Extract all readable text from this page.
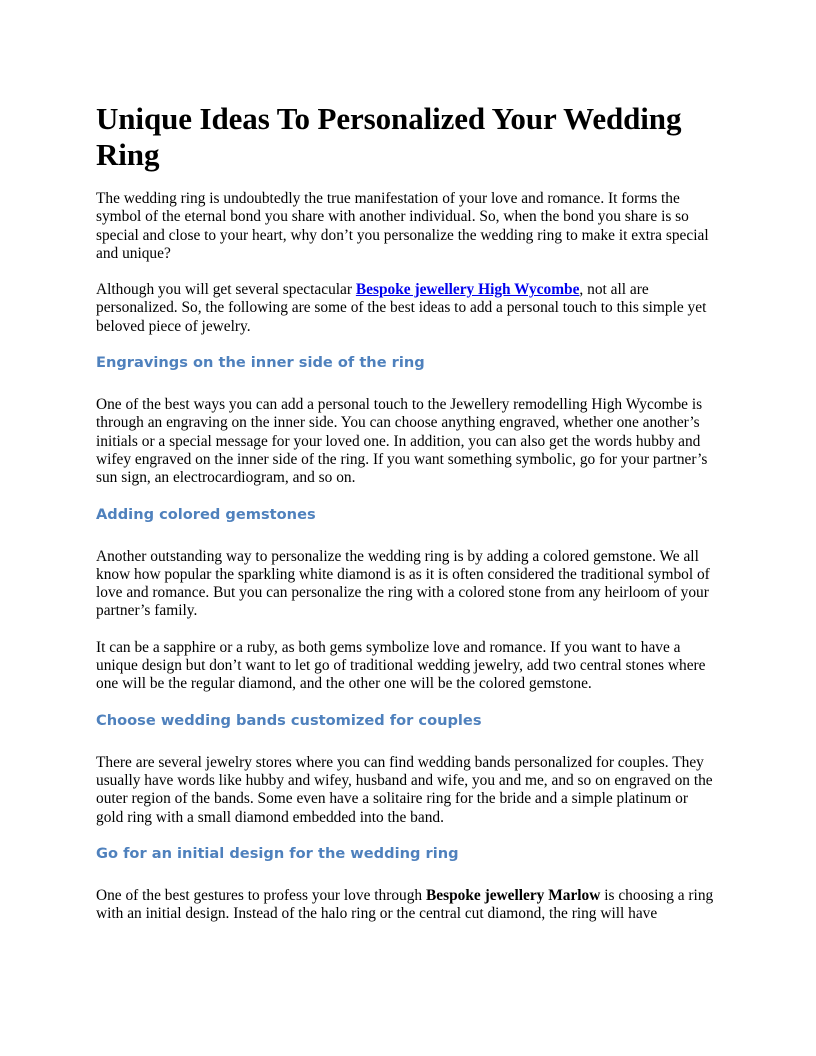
Unique Ideas To Personalized Your Wedding Ring

The wedding ring is undoubtedly the true manifestation of your love and romance. It forms the symbol of the eternal bond you share with another individual. So, when the bond you share is so special and close to your heart, why don’t you personalize the wedding ring to make it extra special and unique?

Although you will get several spectacular Bespoke jewellery High Wycombe, not all are personalized. So, the following are some of the best ideas to add a personal touch to this simple yet beloved piece of jewelry.

Engravings on the inner side of the ring

One of the best ways you can add a personal touch to the Jewellery remodelling High Wycombe is through an engraving on the inner side. You can choose anything engraved, whether one another’s initials or a special message for your loved one. In addition, you can also get the words hubby and wifey engraved on the inner side of the ring. If you want something symbolic, go for your partner’s sun sign, an electrocardiogram, and so on.

Adding colored gemstones

Another outstanding way to personalize the wedding ring is by adding a colored gemstone. We all know how popular the sparkling white diamond is as it is often considered the traditional symbol of love and romance. But you can personalize the ring with a colored stone from any heirloom of your partner’s family.

It can be a sapphire or a ruby, as both gems symbolize love and romance. If you want to have a unique design but don’t want to let go of traditional wedding jewelry, add two central stones where one will be the regular diamond, and the other one will be the colored gemstone.

Choose wedding bands customized for couples

There are several jewelry stores where you can find wedding bands personalized for couples. They usually have words like hubby and wifey, husband and wife, you and me, and so on engraved on the outer region of the bands. Some even have a solitaire ring for the bride and a simple platinum or gold ring with a small diamond embedded into the band.

Go for an initial design for the wedding ring

One of the best gestures to profess your love through Bespoke jewellery Marlow is choosing a ring with an initial design. Instead of the halo ring or the central cut diamond, the ring will have
